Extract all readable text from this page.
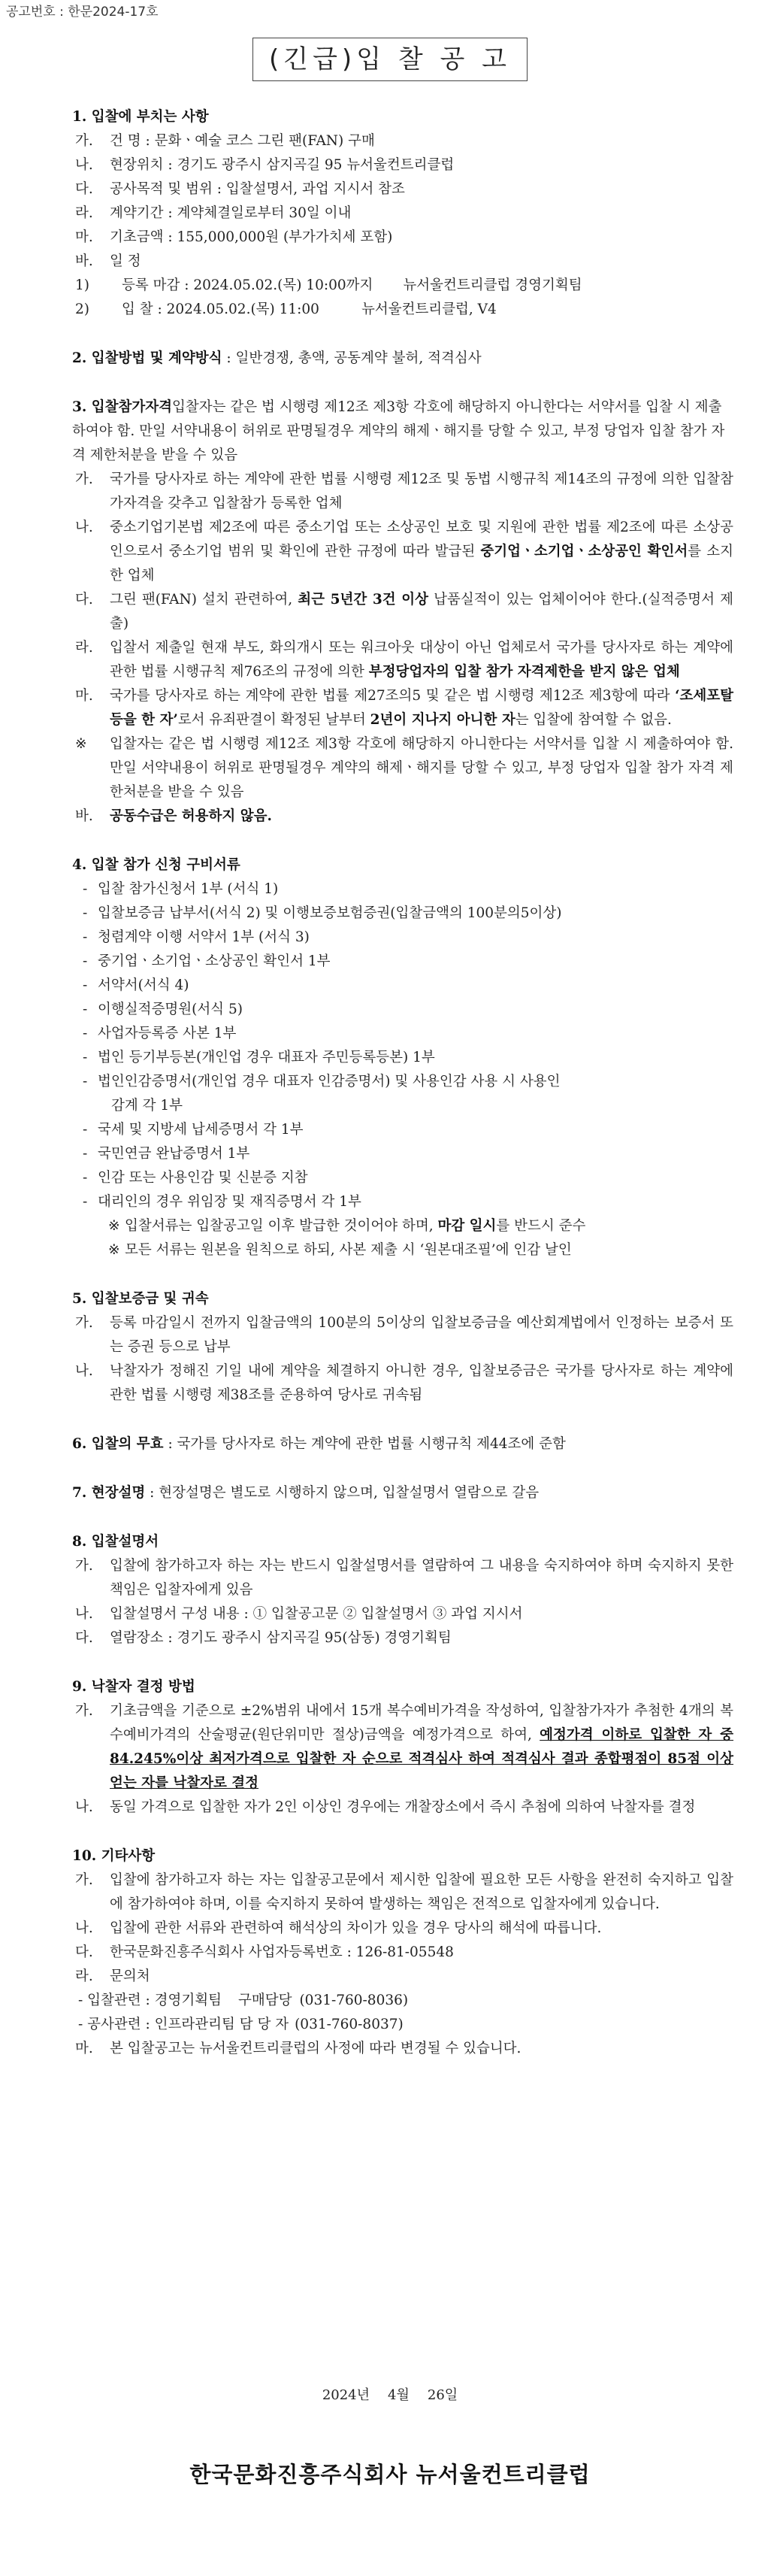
공고번호 : 한문2024-17호
(긴급)입 찰 공 고
1. 입찰에 부치는 사항
가. 건 명 : 문화ㆍ예술 코스 그린 팬(FAN) 구매
나. 현장위치 : 경기도 광주시 삼지곡길 95 뉴서울컨트리클럽
다. 공사목적 및 범위 : 입찰설명서, 과업 지시서 참조
라. 계약기간 : 계약체결일로부터 30일 이내
마. 기초금액 : 155,000,000원 (부가가치세 포함)
바. 일 정
1) 등록 마감 : 2024.05.02.(목) 10:00까지 뉴서울컨트리클럽 경영기획팀
2) 입 찰 : 2024.05.02.(목) 11:00	뉴서울컨트리클럽, V4
2. 입찰방법 및 계약방식 : 일반경쟁, 총액, 공동계약 불허, 적격심사
3. 입찰참가자격입찰자는 같은 법 시행령 제12조 제3항 각호에 해당하지 아니한다는 서약서를 입찰 시 제출하여야 함. 만일 서약내용이 허위로 판명될경우 계약의 해제ㆍ해지를 당할 수 있고, 부정 당업자 입찰 참가 자격 제한처분을 받을 수 있음
가. 국가를 당사자로 하는 계약에 관한 법률 시행령 제12조 및 동법 시행규칙 제14조의 규정에 의한 입찰참가자격을 갖추고 입찰참가 등록한 업체
나. 중소기업기본법 제2조에 따른 중소기업 또는 소상공인 보호 및 지원에 관한 법률 제2조에 따른 소상공인으로서 중소기업 범위 및 확인에 관한 규정에 따라 발급된 중기업ㆍ소기업ㆍ소상공인 확인서를 소지한 업체
다. 그린 팬(FAN) 설치 관련하여, 최근 5년간 3건 이상 납품실적이 있는 업체이어야 한다.(실적증명서 제출)
라. 입찰서 제출일 현재 부도, 화의개시 또는 워크아웃 대상이 아닌 업체로서 국가를 당사자로 하는 계약에 관한 법률 시행규칙 제76조의 규정에 의한 부정당업자의 입찰 참가 자격제한을 받지 않은 업체
마. 국가를 당사자로 하는 계약에 관한 법률 제27조의5 및 같은 법 시행령 제12조 제3항에 따라 ‘조세포탈 등을 한 자’로서 유죄판결이 확정된 날부터 2년이 지나지 아니한 자는 입찰에 참여할 수 없음.
※ 입찰자는 같은 법 시행령 제12조 제3항 각호에 해당하지 아니한다는 서약서를 입찰 시 제출하여야 함. 만일 서약내용이 허위로 판명될경우 계약의 해제ㆍ해지를 당할 수 있고, 부정 당업자 입찰 참가 자격 제한처분을 받을 수 있음
바. 공동수급은 허용하지 않음.
4. 입찰 참가 신청 구비서류
- 입찰 참가신청서 1부 (서식 1)
- 입찰보증금 납부서(서식 2) 및 이행보증보험증권(입찰금액의 100분의5이상)
- 청렴계약 이행 서약서 1부 (서식 3)
- 중기업ㆍ소기업ㆍ소상공인 확인서 1부
- 서약서(서식 4)
- 이행실적증명원(서식 5)
- 사업자등록증 사본 1부
- 법인 등기부등본(개인업 경우 대표자 주민등록등본) 1부
- 법인인감증명서(개인업 경우 대표자 인감증명서) 및 사용인감 사용 시 사용인
감계 각 1부
- 국세 및 지방세 납세증명서 각 1부
- 국민연금 완납증명서 1부
- 인감 또는 사용인감 및 신분증 지참
- 대리인의 경우 위임장 및 재직증명서 각 1부
※ 입찰서류는 입찰공고일 이후 발급한 것이어야 하며, 마감 일시를 반드시 준수
※ 모든 서류는 원본을 원칙으로 하되, 사본 제출 시 ‘원본대조필’에 인감 날인
5. 입찰보증금 및 귀속
가. 등록 마감일시 전까지 입찰금액의 100분의 5이상의 입찰보증금을 예산회계법에서 인정하는 보증서 또는 증권 등으로 납부
나. 낙찰자가 정해진 기일 내에 계약을 체결하지 아니한 경우, 입찰보증금은 국가를 당사자로 하는 계약에 관한 법률 시행령 제38조를 준용하여 당사로 귀속됨
6. 입찰의 무효 : 국가를 당사자로 하는 계약에 관한 법률 시행규칙 제44조에 준함
7. 현장설명 : 현장설명은 별도로 시행하지 않으며, 입찰설명서 열람으로 갈음
8. 입찰설명서
가. 입찰에 참가하고자 하는 자는 반드시 입찰설명서를 열람하여 그 내용을 숙지하여야 하며 숙지하지 못한 책임은 입찰자에게 있음
나. 입찰설명서 구성 내용 : ① 입찰공고문 ② 입찰설명서 ③ 과업 지시서
다. 열람장소 : 경기도 광주시 삼지곡길 95(삼동) 경영기획팀
9. 낙찰자 결정 방법
가. 기초금액을 기준으로 ±2%범위 내에서 15개 복수예비가격을 작성하여, 입찰참가자가 추첨한 4개의 복수예비가격의 산술평균(원단위미만 절상)금액을 예정가격으로 하여, 예정가격 이하로 입찰한 자 중 84.245%이상 최저가격으로 입찰한 자 순으로 적격심사 하여 적격심사 결과 종합평점이 85점 이상 얻는 자를 낙찰자로 결정
나. 동일 가격으로 입찰한 자가 2인 이상인 경우에는 개찰장소에서 즉시 추첨에 의하여 낙찰자를 결정
10. 기타사항
가. 입찰에 참가하고자 하는 자는 입찰공고문에서 제시한 입찰에 필요한 모든 사항을 완전히 숙지하고 입찰에 참가하여야 하며, 이를 숙지하지 못하여 발생하는 책임은 전적으로 입찰자에게 있습니다.
나. 입찰에 관한 서류와 관련하여 해석상의 차이가 있을 경우 당사의 해석에 따릅니다.
다. 한국문화진흥주식회사 사업자등록번호 : 126-81-05548
라. 문의처
- 입찰관련 : 경영기획팀 구매담당 (031-760-8036)
- 공사관련 : 인프라관리팀 담 당 자 (031-760-8037)
마. 본 입찰공고는 뉴서울컨트리클럽의 사정에 따라 변경될 수 있습니다.
2024년 4월 26일
한국문화진흥주식회사 뉴서울컨트리클럽
